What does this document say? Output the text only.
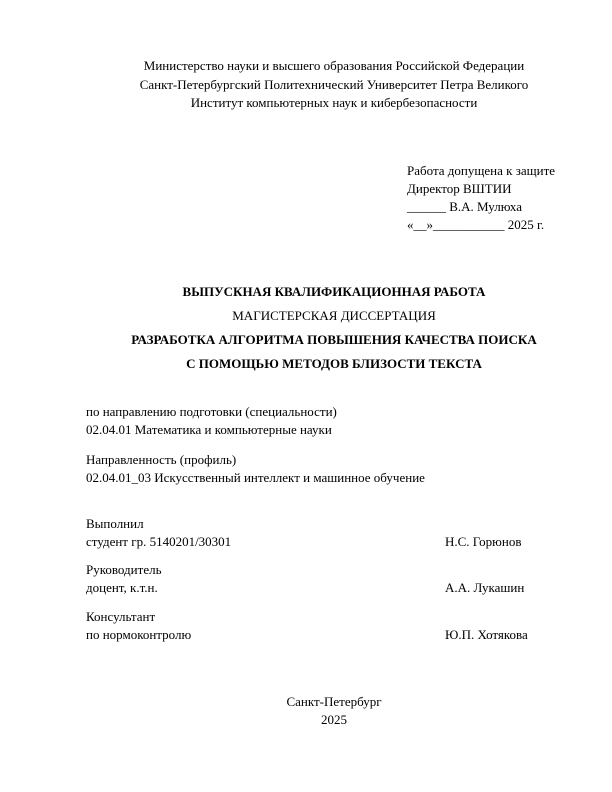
Министерство науки и высшего образования Российской Федерации
Санкт-Петербургский Политехнический Университет Петра Великого
Институт компьютерных наук и кибербезопасности
Работа допущена к защите
Директор ВШТИИ
______ В.А. Мулюха
«__»___________ 2025 г.
ВЫПУСКНАЯ КВАЛИФИКАЦИОННАЯ РАБОТА
МАГИСТЕРСКАЯ ДИССЕРТАЦИЯ
РАЗРАБОТКА АЛГОРИТМА ПОВЫШЕНИЯ КАЧЕСТВА ПОИСКА
С ПОМОЩЬЮ МЕТОДОВ БЛИЗОСТИ ТЕКСТА
по направлению подготовки (специальности)
02.04.01 Математика и компьютерные науки
Направленность (профиль)
02.04.01_03 Искусственный интеллект и машинное обучение
Выполнил
студент гр. 5140201/30301	Н.С. Горюнов
Руководитель
доцент, к.т.н.	А.А. Лукашин
Консультант
по нормоконтролю	Ю.П. Хотякова
Санкт-Петербург
2025
